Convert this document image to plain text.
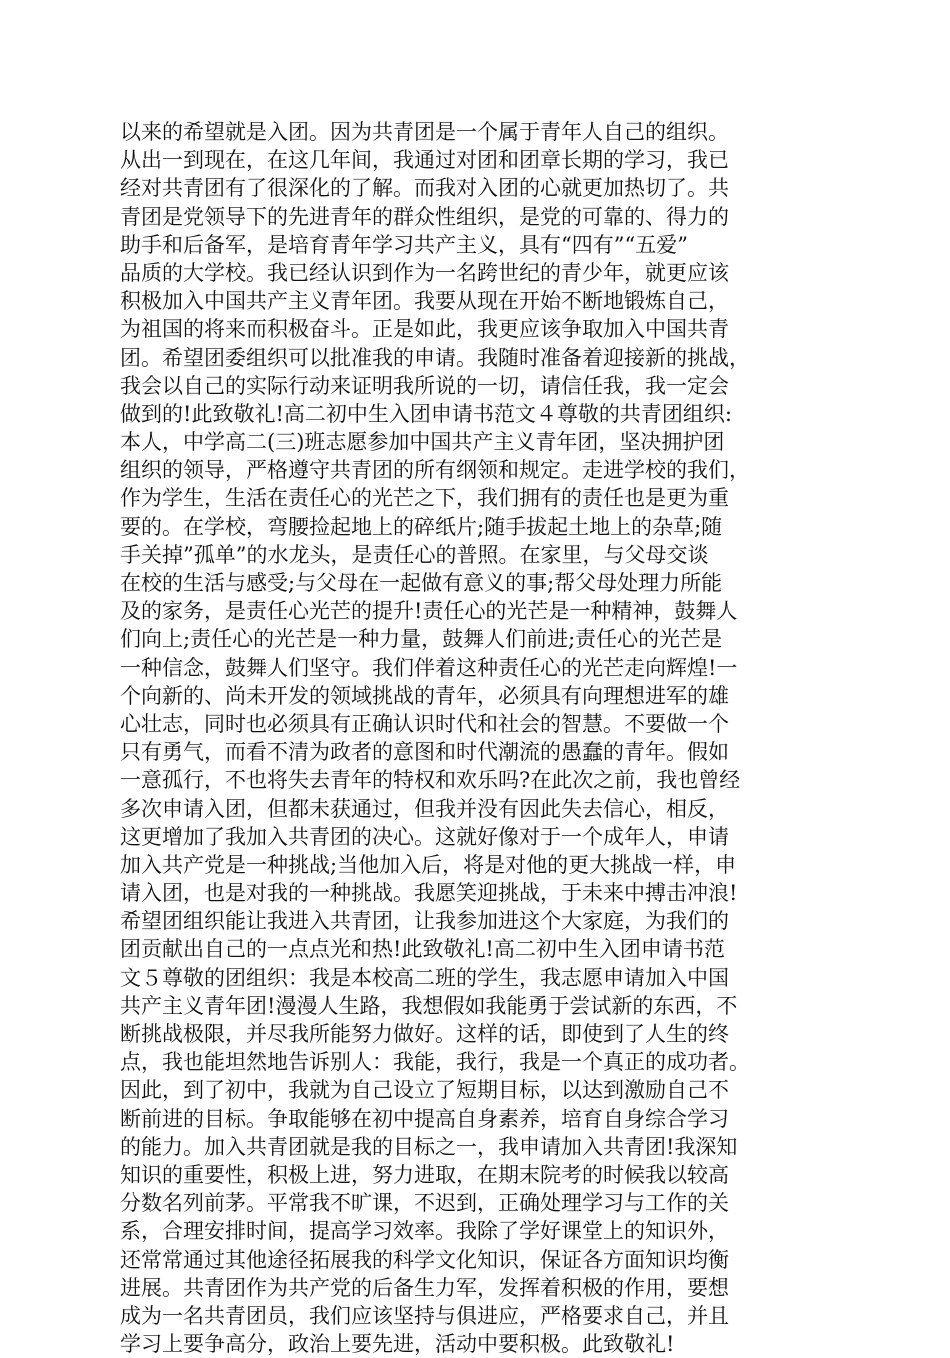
以来的希望就是入团。因为共青团是一个属于青年人自己的组织。
从出一到现在，在这几年间，我通过对团和团章长期的学习，我已
经对共青团有了很深化的了解。而我对入团的心就更加热切了。共
青团是党领导下的先进青年的群众性组织，是党的可靠的、得力的
助手和后备军，是培育青年学习共产主义，具有“四有”“五爱”
品质的大学校。我已经认识到作为一名跨世纪的青少年，就更应该
积极加入中国共产主义青年团。我要从现在开始不断地锻炼自己，
为祖国的将来而积极奋斗。正是如此，我更应该争取加入中国共青
团。希望团委组织可以批准我的申请。我随时准备着迎接新的挑战，
我会以自己的实际行动来证明我所说的一切，请信任我，我一定会
做到的!此致敬礼!高二初中生入团申请书范文４尊敬的共青团组织:
本人，中学高二(三)班志愿参加中国共产主义青年团，坚决拥护团
组织的领导，严格遵守共青团的所有纲领和规定。走进学校的我们，
作为学生，生活在责任心的光芒之下，我们拥有的责任也是更为重
要的。在学校，弯腰捡起地上的碎纸片;随手拔起土地上的杂草;随
手关掉”孤单”的水龙头，是责任心的普照。在家里，与父母交谈
在校的生活与感受;与父母在一起做有意义的事;帮父母处理力所能
及的家务，是责任心光芒的提升!责任心的光芒是一种精神，鼓舞人
们向上;责任心的光芒是一种力量，鼓舞人们前进;责任心的光芒是
一种信念，鼓舞人们坚守。我们伴着这种责任心的光芒走向辉煌!一
个向新的、尚未开发的领域挑战的青年，必须具有向理想进军的雄
心壮志，同时也必须具有正确认识时代和社会的智慧。不要做一个
只有勇气，而看不清为政者的意图和时代潮流的愚蠢的青年。假如
一意孤行，不也将失去青年的特权和欢乐吗?在此次之前，我也曾经
多次申请入团，但都未获通过，但我并没有因此失去信心，相反，
这更增加了我加入共青团的决心。这就好像对于一个成年人，申请
加入共产党是一种挑战;当他加入后，将是对他的更大挑战一样，申
请入团，也是对我的一种挑战。我愿笑迎挑战，于未来中搏击冲浪!
希望团组织能让我进入共青团，让我参加进这个大家庭，为我们的
团贡献出自己的一点点光和热!此致敬礼!高二初中生入团申请书范
文５尊敬的团组织：我是本校高二班的学生，我志愿申请加入中国
共产主义青年团!漫漫人生路，我想假如我能勇于尝试新的东西，不
断挑战极限，并尽我所能努力做好。这样的话，即使到了人生的终
点，我也能坦然地告诉别人：我能，我行，我是一个真正的成功者。
因此，到了初中，我就为自己设立了短期目标，以达到激励自己不
断前进的目标。争取能够在初中提高自身素养，培育自身综合学习
的能力。加入共青团就是我的目标之一，我申请加入共青团!我深知
知识的重要性，积极上进，努力进取，在期末院考的时候我以较高
分数名列前茅。平常我不旷课，不迟到，正确处理学习与工作的关
系，合理安排时间，提高学习效率。我除了学好课堂上的知识外，
还常常通过其他途径拓展我的科学文化知识，保证各方面知识均衡
进展。共青团作为共产党的后备生力军，发挥着积极的作用，要想
成为一名共青团员，我们应该坚持与俱进应，严格要求自己，并且
学习上要争高分，政治上要先进，活动中要积极。此致敬礼!
